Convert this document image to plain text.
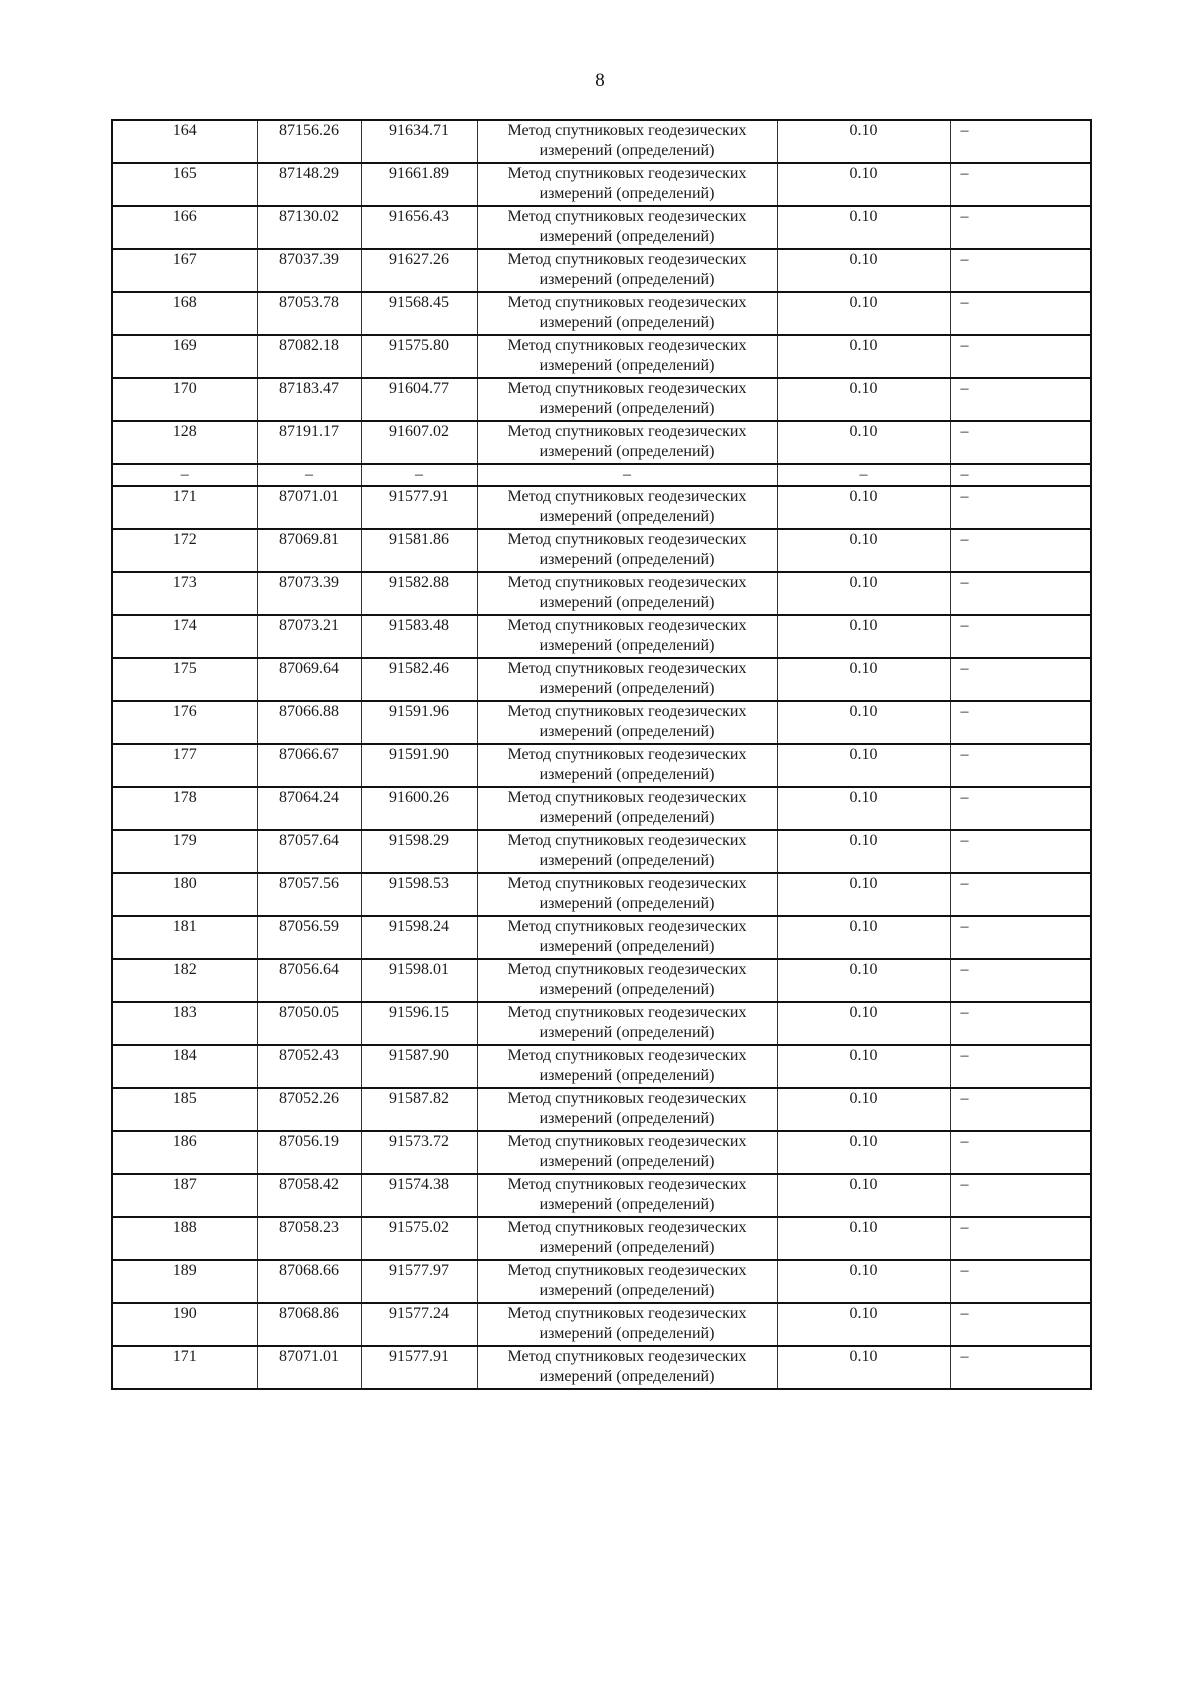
8
164	87156.26	91634.71	Метод спутниковых геодезических
измерений (определений)	0.10	–
165	87148.29	91661.89	Метод спутниковых геодезических
измерений (определений)	0.10	–
166	87130.02	91656.43	Метод спутниковых геодезических
измерений (определений)	0.10	–
167	87037.39	91627.26	Метод спутниковых геодезических
измерений (определений)	0.10	–
168	87053.78	91568.45	Метод спутниковых геодезических
измерений (определений)	0.10	–
169	87082.18	91575.80	Метод спутниковых геодезических
измерений (определений)	0.10	–
170	87183.47	91604.77	Метод спутниковых геодезических
измерений (определений)	0.10	–
128	87191.17	91607.02	Метод спутниковых геодезических
измерений (определений)	0.10	–
–	–	–	–	–	–
171	87071.01	91577.91	Метод спутниковых геодезических
измерений (определений)	0.10	–
172	87069.81	91581.86	Метод спутниковых геодезических
измерений (определений)	0.10	–
173	87073.39	91582.88	Метод спутниковых геодезических
измерений (определений)	0.10	–
174	87073.21	91583.48	Метод спутниковых геодезических
измерений (определений)	0.10	–
175	87069.64	91582.46	Метод спутниковых геодезических
измерений (определений)	0.10	–
176	87066.88	91591.96	Метод спутниковых геодезических
измерений (определений)	0.10	–
177	87066.67	91591.90	Метод спутниковых геодезических
измерений (определений)	0.10	–
178	87064.24	91600.26	Метод спутниковых геодезических
измерений (определений)	0.10	–
179	87057.64	91598.29	Метод спутниковых геодезических
измерений (определений)	0.10	–
180	87057.56	91598.53	Метод спутниковых геодезических
измерений (определений)	0.10	–
181	87056.59	91598.24	Метод спутниковых геодезических
измерений (определений)	0.10	–
182	87056.64	91598.01	Метод спутниковых геодезических
измерений (определений)	0.10	–
183	87050.05	91596.15	Метод спутниковых геодезических
измерений (определений)	0.10	–
184	87052.43	91587.90	Метод спутниковых геодезических
измерений (определений)	0.10	–
185	87052.26	91587.82	Метод спутниковых геодезических
измерений (определений)	0.10	–
186	87056.19	91573.72	Метод спутниковых геодезических
измерений (определений)	0.10	–
187	87058.42	91574.38	Метод спутниковых геодезических
измерений (определений)	0.10	–
188	87058.23	91575.02	Метод спутниковых геодезических
измерений (определений)	0.10	–
189	87068.66	91577.97	Метод спутниковых геодезических
измерений (определений)	0.10	–
190	87068.86	91577.24	Метод спутниковых геодезических
измерений (определений)	0.10	–
171	87071.01	91577.91	Метод спутниковых геодезических
измерений (определений)	0.10	–
